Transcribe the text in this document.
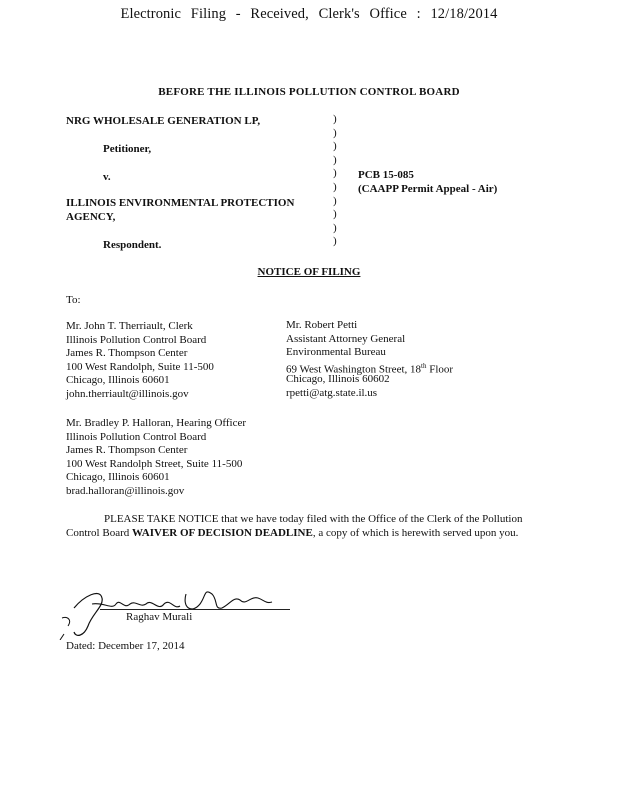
Electronic Filing - Received, Clerk's Office : 12/18/2014
BEFORE THE ILLINOIS POLLUTION CONTROL BOARD
NRG WHOLESALE GENERATION LP,
Petitioner,
v.
ILLINOIS ENVIRONMENTAL PROTECTION
AGENCY,
Respondent.
)
)
)
)
)
)
)
)
)
)
PCB 15-085
(CAAPP Permit Appeal - Air)
NOTICE OF FILING
To:
Mr. John T. Therriault, Clerk
Illinois Pollution Control Board
James R. Thompson Center
100 West Randolph, Suite 11-500
Chicago, Illinois 60601
john.therriault@illinois.gov
Mr. Robert Petti
Assistant Attorney General
Environmental Bureau
69 West Washington Street, 18th Floor
Chicago, Illinois 60602
rpetti@atg.state.il.us
Mr. Bradley P. Halloran, Hearing Officer
Illinois Pollution Control Board
James R. Thompson Center
100 West Randolph Street, Suite 11-500
Chicago, Illinois 60601
brad.halloran@illinois.gov
PLEASE TAKE NOTICE that we have today filed with the Office of the Clerk of the Pollution Control Board WAIVER OF DECISION DEADLINE, a copy of which is herewith served upon you.
Raghav Murali
Dated: December 17, 2014
